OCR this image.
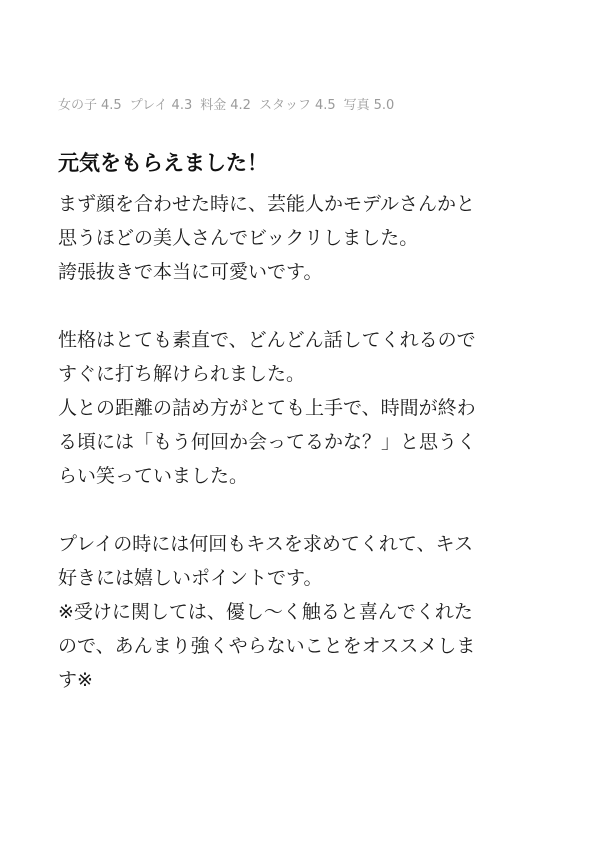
女の子 4.5 プレイ 4.3 料金 4.2 スタッフ 4.5 写真 5.0
元気をもらえました！
まず顔を合わせた時に、芸能人かモデルさんかと
思うほどの美人さんでビックリしました。
誇張抜きで本当に可愛いです。
性格はとても素直で、どんどん話してくれるので
すぐに打ち解けられました。
人との距離の詰め方がとても上手で、時間が終わ
る頃には「もう何回か会ってるかな？」と思うく
らい笑っていました。
プレイの時には何回もキスを求めてくれて、キス
好きには嬉しいポイントです。
※受けに関しては、優し〜く触ると喜んでくれた
ので、あんまり強くやらないことをオススメしま
す※
